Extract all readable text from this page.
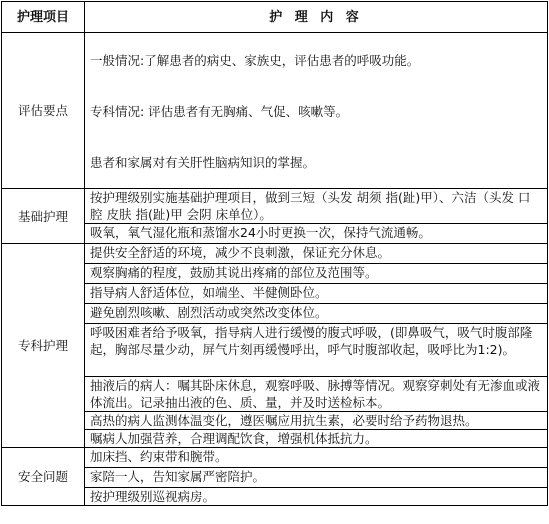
护理项目	护 理 内 容
评估要点	一般情况:了解患者的病史、家族史，评估患者的呼吸功能。

专科情况: 评估患者有无胸痛、气促、咳嗽等。

患者和家属对有关肝性脑病知识的掌握。

基础护理	按护理级别实施基础护理项目，做到三短（头发 胡须 指(趾)甲）、六洁（头发 口腔 皮肤 指(趾)甲 会阴 床单位）。
	吸氧，氧气湿化瓶和蒸馏水24小时更换一次，保持气流通畅。
专科护理	提供安全舒适的环境，减少不良刺激，保证充分休息。
	观察胸痛的程度，鼓励其说出疼痛的部位及范围等。
	指导病人舒适体位，如端坐、半健侧卧位。
	避免剧烈咳嗽、剧烈活动或突然改变体位。
	呼吸困难者给予吸氧，指导病人进行缓慢的腹式呼吸，(即鼻吸气，吸气时腹部隆起，胸部尽量少动，屏气片刻再缓慢呼出，呼气时腹部收起，吸呼比为1:2)。
	抽液后的病人：嘱其卧床休息，观察呼吸、脉搏等情况。观察穿刺处有无渗血或液体流出。记录抽出液的色、质、量，并及时送检标本。
	高热的病人监测体温变化，遵医嘱应用抗生素，必要时给予药物退热。
	嘱病人加强营养，合理调配饮食，增强机体抵抗力。
安全问题	加床挡、约束带和腕带。
	家陪一人，告知家属严密陪护。
	按护理级别巡视病房。
